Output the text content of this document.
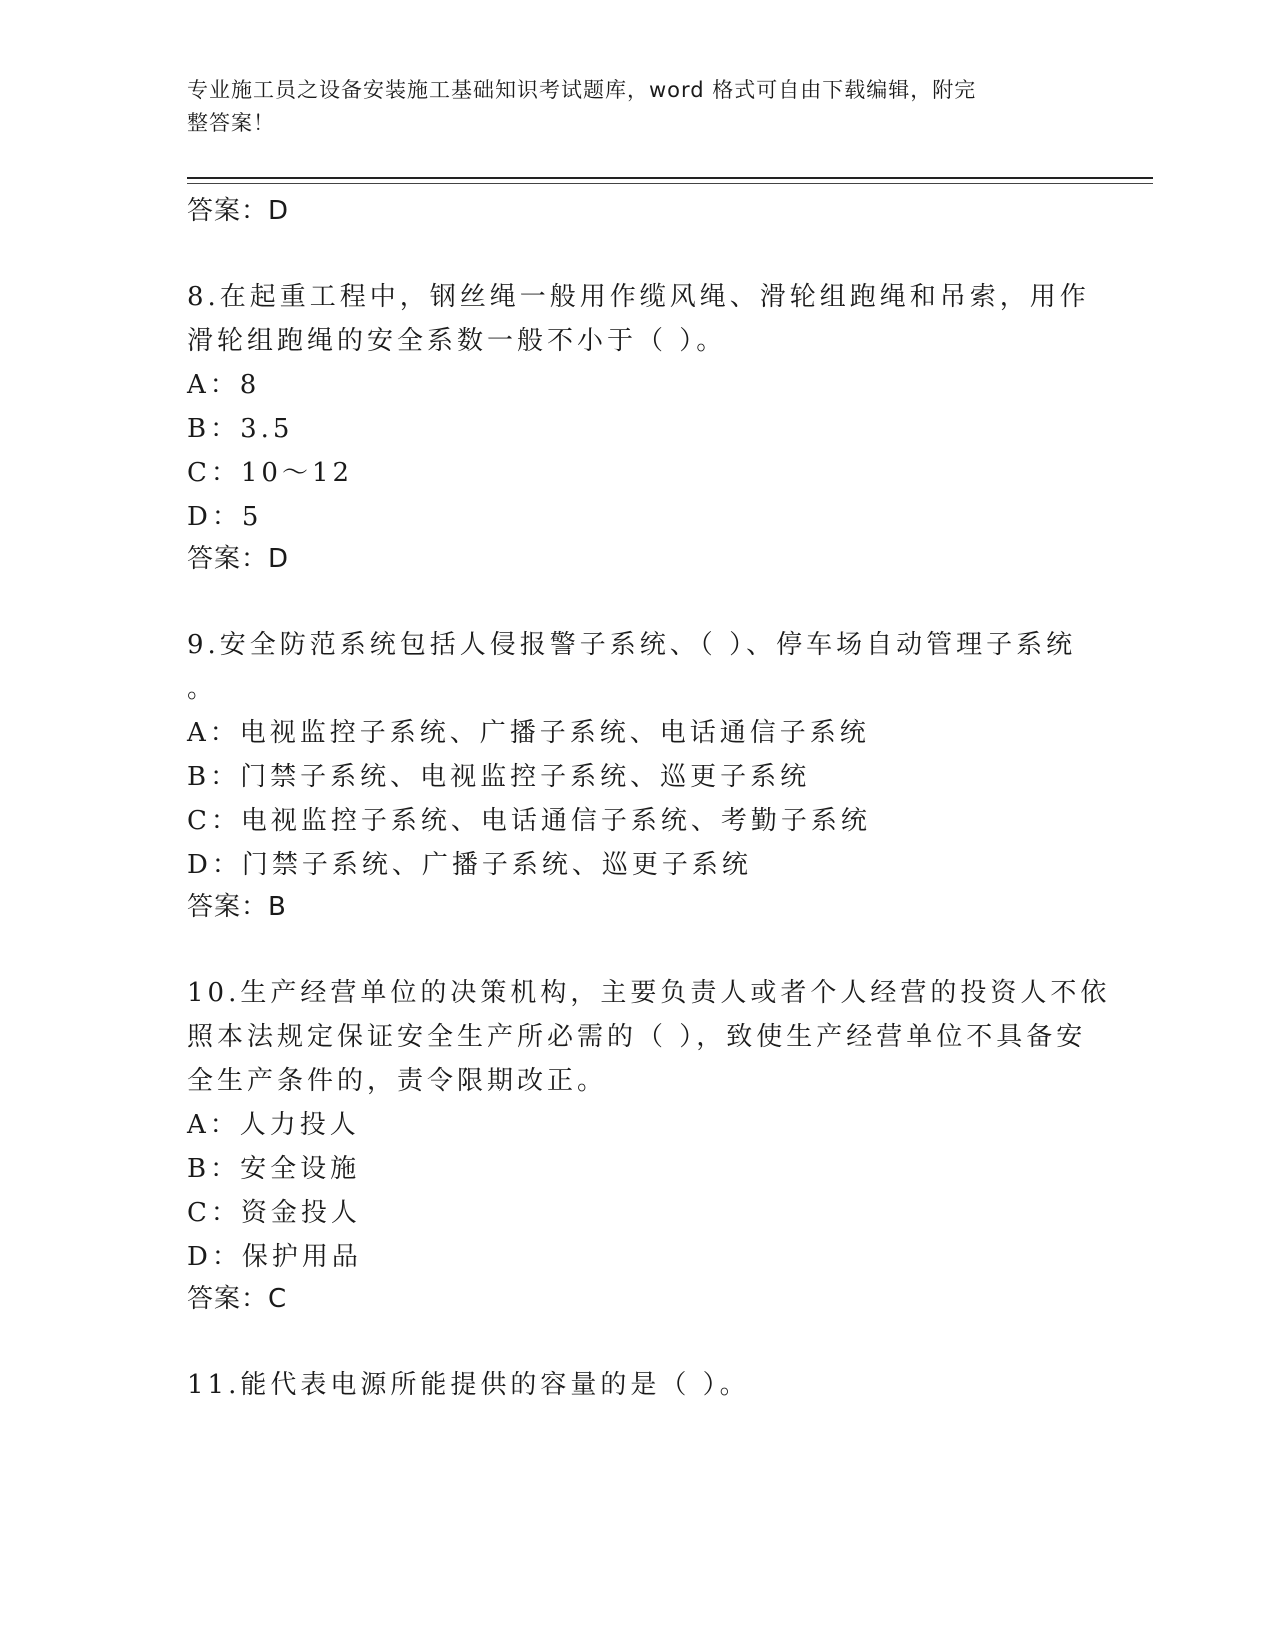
专业施工员之设备安装施工基础知识考试题库，word 格式可自由下载编辑，附完
整答案！
答案：D
8.在起重工程中，钢丝绳一般用作缆风绳、滑轮组跑绳和吊索，用作
滑轮组跑绳的安全系数一般不小于（ ）。
A：8
B：3.5
C：10～12
D：5
答案：D
9.安全防范系统包括人侵报警子系统、（ ）、停车场自动管理子系统
。
A：电视监控子系统、广播子系统、电话通信子系统
B：门禁子系统、电视监控子系统、巡更子系统
C：电视监控子系统、电话通信子系统、考勤子系统
D：门禁子系统、广播子系统、巡更子系统
答案：B
10.生产经营单位的决策机构，主要负责人或者个人经营的投资人不依
照本法规定保证安全生产所必需的（ ），致使生产经营单位不具备安
全生产条件的，责令限期改正。
A：人力投人
B：安全设施
C：资金投人
D：保护用品
答案：C
11.能代表电源所能提供的容量的是（ ）。
